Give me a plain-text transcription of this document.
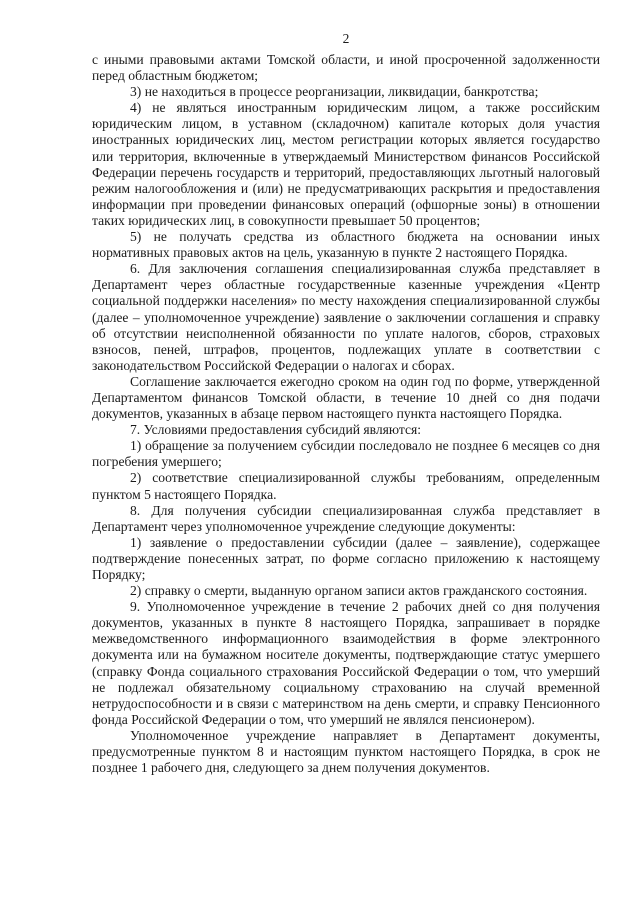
2

с иными правовыми актами Томской области, и иной просроченной задолженности перед областным бюджетом;

3) не находиться в процессе реорганизации, ликвидации, банкротства;

4) не являться иностранным юридическим лицом, а также российским юридическим лицом, в уставном (складочном) капитале которых доля участия иностранных юридических лиц, местом регистрации которых является государство или территория, включенные в утверждаемый Министерством финансов Российской Федерации перечень государств и территорий, предоставляющих льготный налоговый режим налогообложения и (или) не предусматривающих раскрытия и предоставления информации при проведении финансовых операций (офшорные зоны) в отношении таких юридических лиц, в совокупности превышает 50 процентов;

5) не получать средства из областного бюджета на основании иных нормативных правовых актов на цель, указанную в пункте 2 настоящего Порядка.

6. Для заключения соглашения специализированная служба представляет в Департамент через областные государственные казенные учреждения «Центр социальной поддержки населения» по месту нахождения специализированной службы (далее – уполномоченное учреждение) заявление о заключении соглашения и справку об отсутствии неисполненной обязанности по уплате налогов, сборов, страховых взносов, пеней, штрафов, процентов, подлежащих уплате в соответствии с законодательством Российской Федерации о налогах и сборах.

Соглашение заключается ежегодно сроком на один год по форме, утвержденной Департаментом финансов Томской области, в течение 10 дней со дня подачи документов, указанных в абзаце первом настоящего пункта настоящего Порядка.

7. Условиями предоставления субсидий являются:

1) обращение за получением субсидии последовало не позднее 6 месяцев со дня погребения умершего;

2) соответствие специализированной службы требованиям, определенным пунктом 5 настоящего Порядка.

8. Для получения субсидии специализированная служба представляет в Департамент через уполномоченное учреждение следующие документы:

1) заявление о предоставлении субсидии (далее – заявление), содержащее подтверждение понесенных затрат, по форме согласно приложению к настоящему Порядку;

2) справку о смерти, выданную органом записи актов гражданского состояния.

9. Уполномоченное учреждение в течение 2 рабочих дней со дня получения документов, указанных в пункте 8 настоящего Порядка, запрашивает в порядке межведомственного информационного взаимодействия в форме электронного документа или на бумажном носителе документы, подтверждающие статус умершего (справку Фонда социального страхования Российской Федерации о том, что умерший не подлежал обязательному социальному страхованию на случай временной нетрудоспособности и в связи с материнством на день смерти, и справку Пенсионного фонда Российской Федерации о том, что умерший не являлся пенсионером).

Уполномоченное учреждение направляет в Департамент документы, предусмотренные пунктом 8 и настоящим пунктом настоящего Порядка, в срок не позднее 1 рабочего дня, следующего за днем получения документов.
